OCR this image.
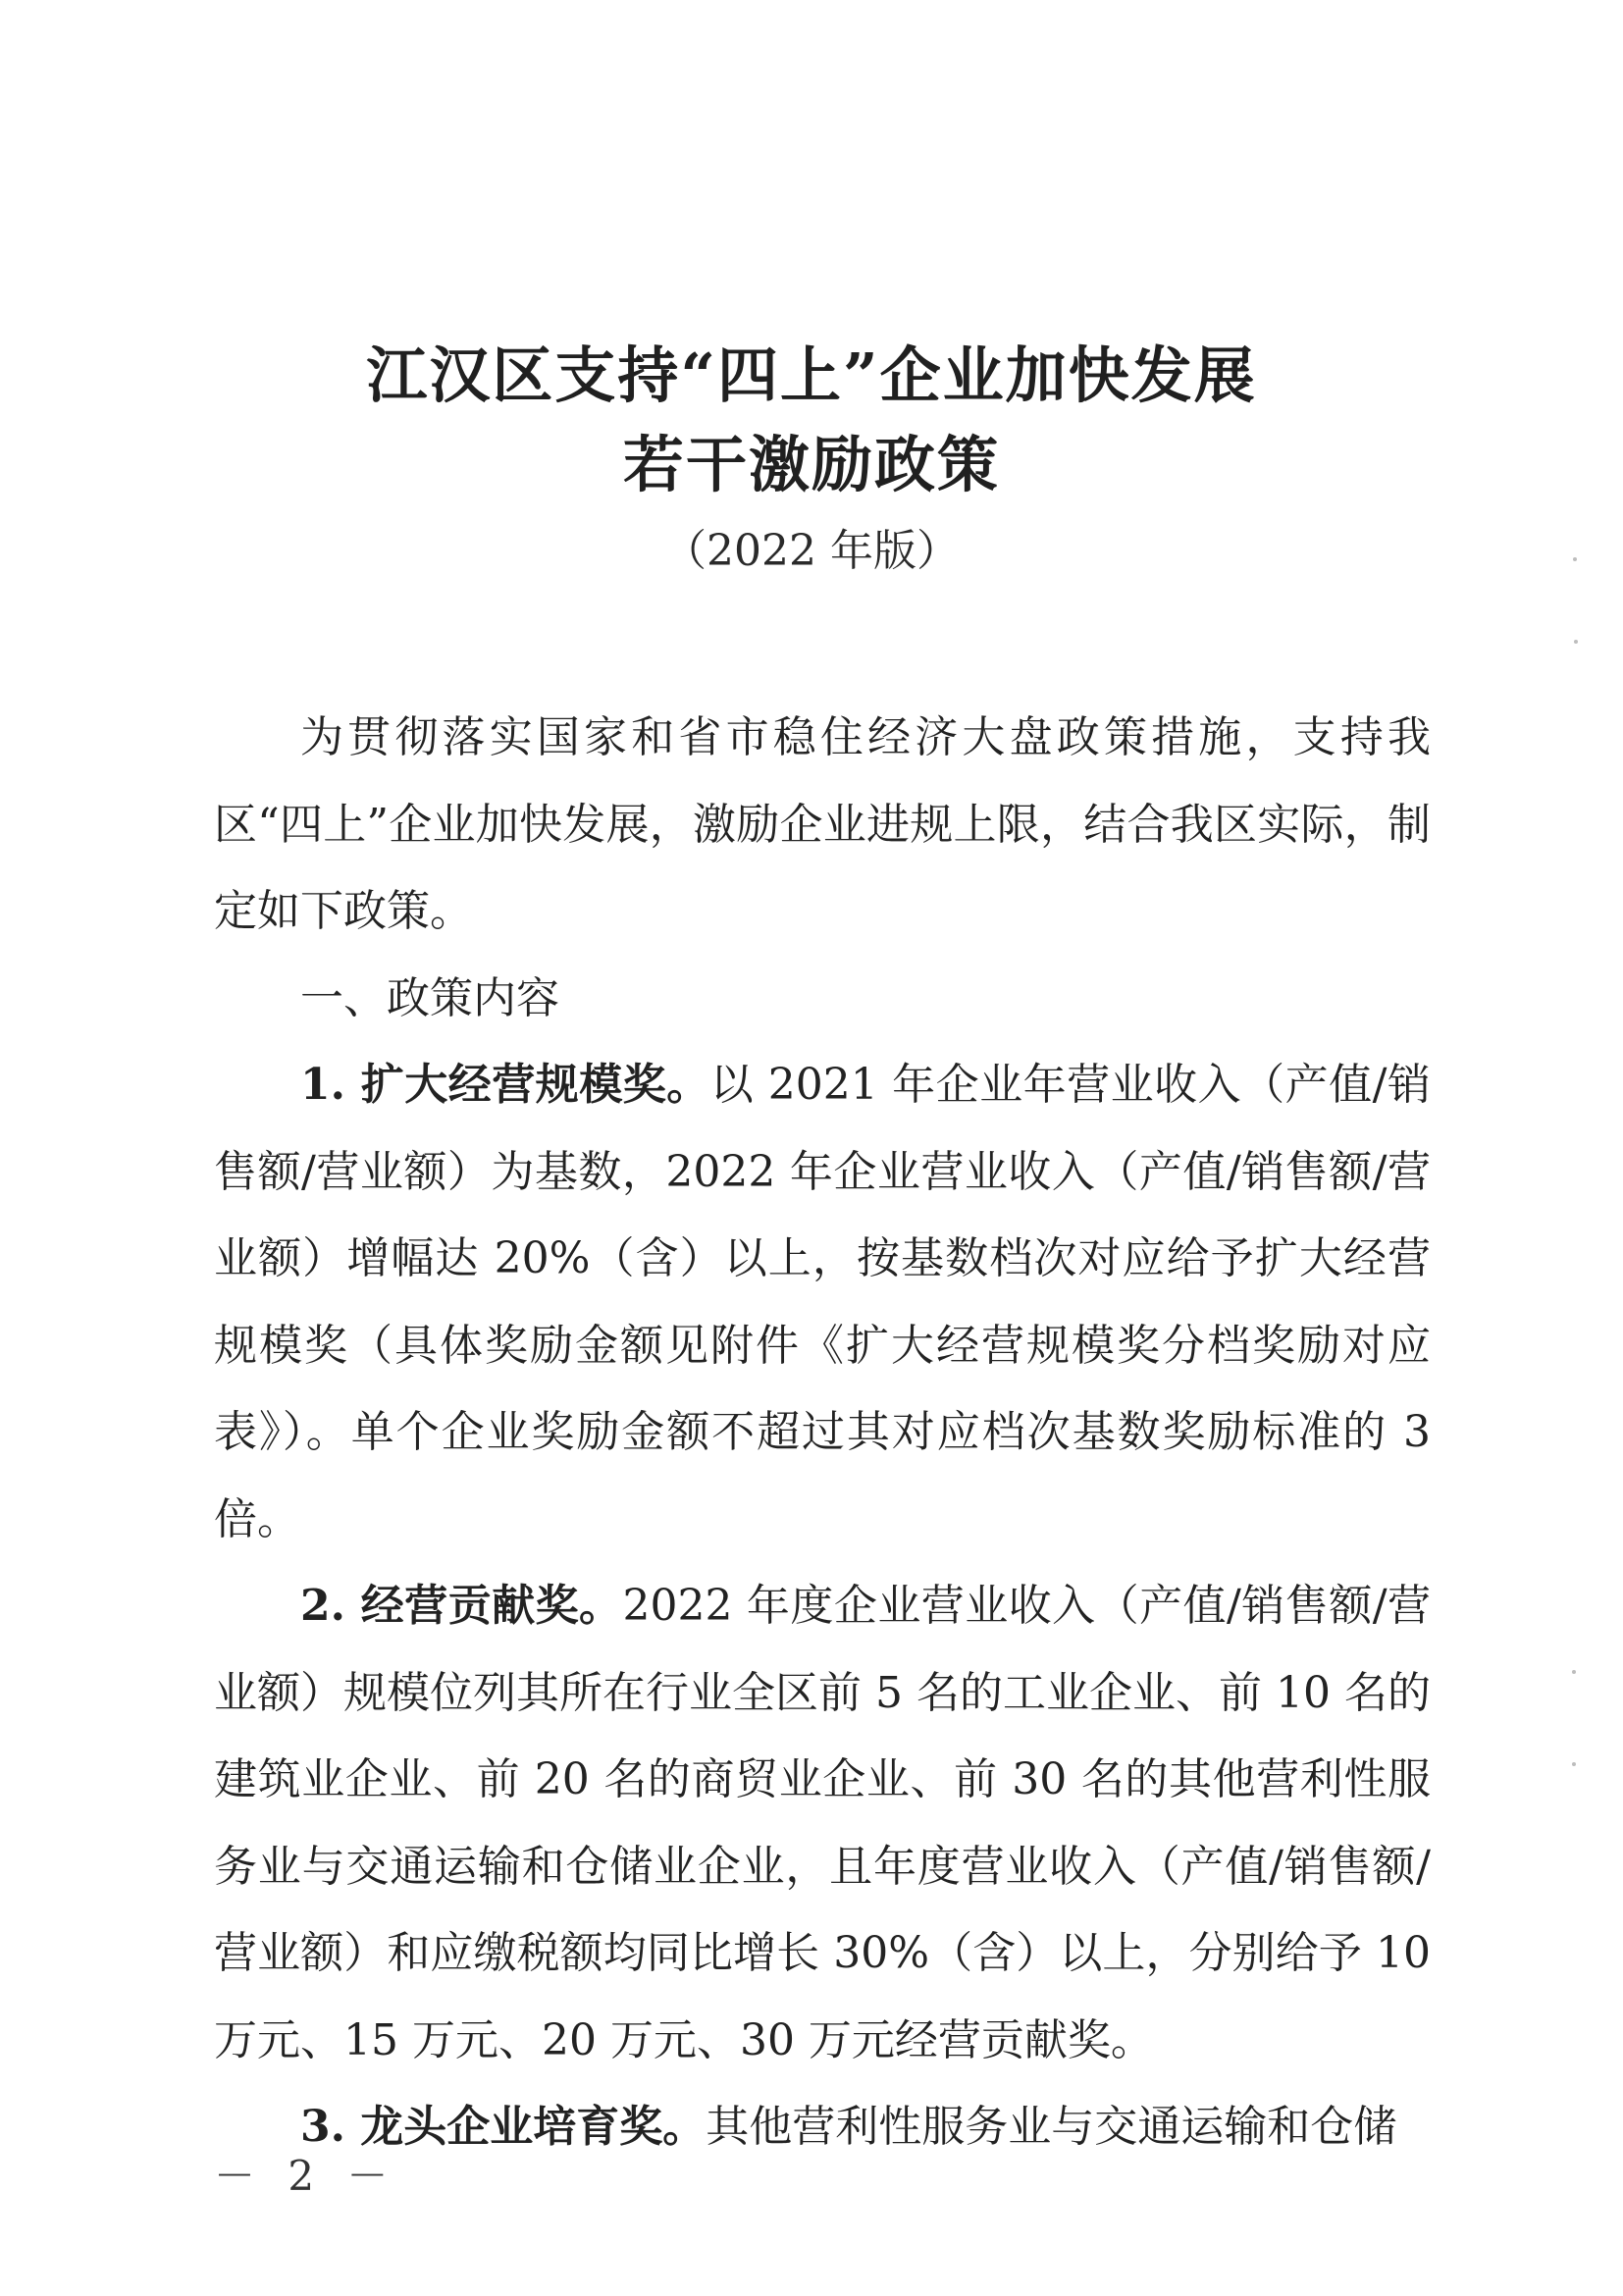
江汉区支持“四上”企业加快发展
若干激励政策
（2022 年版）

为贯彻落实国家和省市稳住经济大盘政策措施，支持我区“四上”企业加快发展，激励企业进规上限，结合我区实际，制定如下政策。

一、政策内容

1. 扩大经营规模奖。以 2021 年企业年营业收入（产值/销售额/营业额）为基数，2022 年企业营业收入（产值/销售额/营业额）增幅达 20%（含）以上，按基数档次对应给予扩大经营规模奖（具体奖励金额见附件《扩大经营规模奖分档奖励对应表》）。单个企业奖励金额不超过其对应档次基数奖励标准的 3 倍。

2. 经营贡献奖。2022 年度企业营业收入（产值/销售额/营业额）规模位列其所在行业全区前 5 名的工业企业、前 10 名的建筑业企业、前 20 名的商贸业企业、前 30 名的其他营利性服务业与交通运输和仓储业企业，且年度营业收入（产值/销售额/营业额）和应缴税额均同比增长 30%（含）以上，分别给予 10 万元、15 万元、20 万元、30 万元经营贡献奖。

3. 龙头企业培育奖。其他营利性服务业与交通运输和仓储

－ 2 －
